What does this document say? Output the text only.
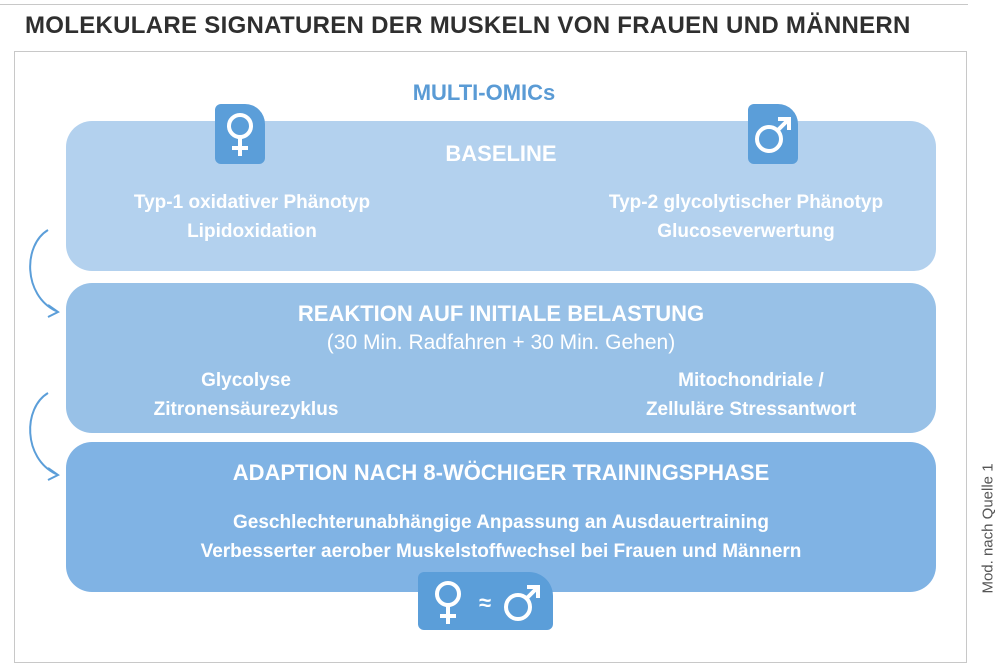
MOLEKULARE SIGNATUREN DER MUSKELN VON FRAUEN UND MÄNNERN
MULTI-OMICs
BASELINE
Typ-1 oxidativer Phänotyp
Lipidoxidation
Typ-2 glycolytischer Phänotyp
Glucoseverwertung
REAKTION AUF INITIALE BELASTUNG
(30 Min. Radfahren + 30 Min. Gehen)
Glycolyse
Zitronensäurezyklus
Mitochondriale /
Zelluläre Stressantwort
ADAPTION NACH 8-WÖCHIGER TRAININGSPHASE
Geschlechterunabhängige Anpassung an Ausdauertraining
Verbesserter aerober Muskelstoffwechsel bei Frauen und Männern
≈
Mod. nach Quelle 1
